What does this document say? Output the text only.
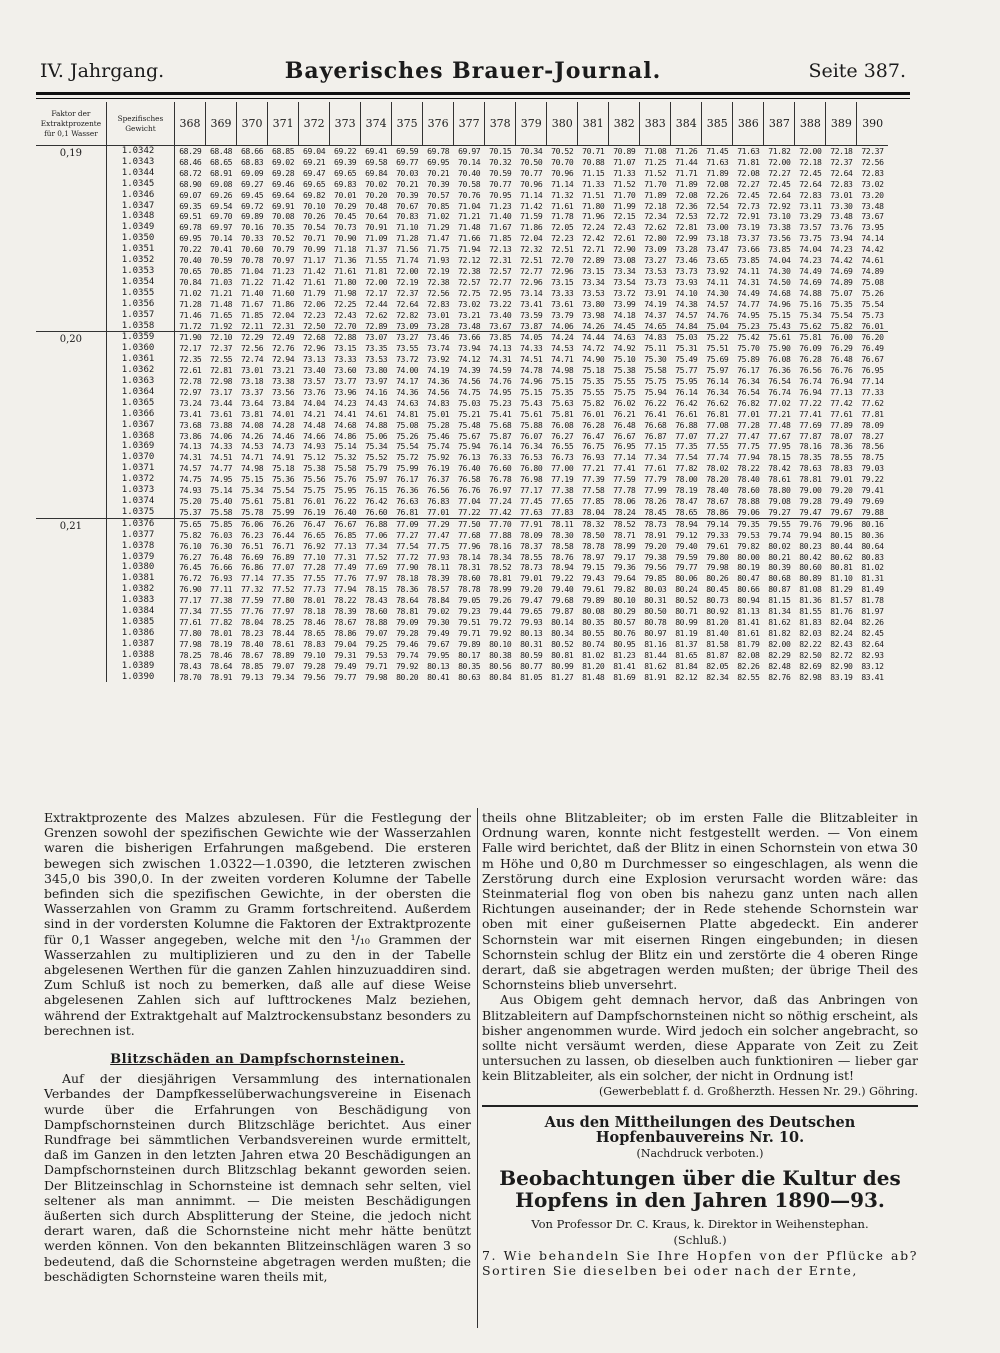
IV. Jahrgang.	Bayerisches Brauer-Journal.	Seite 387.
Faktor der Extraktprozente für 0,1 Wasser	Spezifisches Gewicht	368	369	370	371	372	373	374	375	376	377	378	379	380	381	382	383	384	385	386	387	388	389	390
0,19	1.0342	68.29	68.48	68.66	68.85	69.04	69.22	69.41	69.59	69.78	69.97	70.15	70.34	70.52	70.71	70.89	71.08	71.26	71.45	71.63	71.82	72.00	72.18	72.37
	1.0343	68.46	68.65	68.83	69.02	69.21	69.39	69.58	69.77	69.95	70.14	70.32	70.50	70.70	70.88	71.07	71.25	71.44	71.63	71.81	72.00	72.18	72.37	72.56
	1.0344	68.72	68.91	69.09	69.28	69.47	69.65	69.84	70.03	70.21	70.40	70.59	70.77	70.96	71.15	71.33	71.52	71.71	71.89	72.08	72.27	72.45	72.64	72.83
	1.0345	68.90	69.08	69.27	69.46	69.65	69.83	70.02	70.21	70.39	70.58	70.77	70.96	71.14	71.33	71.52	71.70	71.89	72.08	72.27	72.45	72.64	72.83	73.02
	1.0346	69.07	69.26	69.45	69.64	69.82	70.01	70.20	70.39	70.57	70.76	70.95	71.14	71.32	71.51	71.70	71.89	72.08	72.26	72.45	72.64	72.83	73.01	73.20
	1.0347	69.35	69.54	69.72	69.91	70.10	70.29	70.48	70.67	70.85	71.04	71.23	71.42	71.61	71.80	71.99	72.18	72.36	72.54	72.73	72.92	73.11	73.30	73.48
	1.0348	69.51	69.70	69.89	70.08	70.26	70.45	70.64	70.83	71.02	71.21	71.40	71.59	71.78	71.96	72.15	72.34	72.53	72.72	72.91	73.10	73.29	73.48	73.67
	1.0349	69.78	69.97	70.16	70.35	70.54	70.73	70.91	71.10	71.29	71.48	71.67	71.86	72.05	72.24	72.43	72.62	72.81	73.00	73.19	73.38	73.57	73.76	73.95
	1.0350	69.95	70.14	70.33	70.52	70.71	70.90	71.09	71.28	71.47	71.66	71.85	72.04	72.23	72.42	72.61	72.80	72.99	73.18	73.37	73.56	73.75	73.94	74.14
	1.0351	70.22	70.41	70.60	70.79	70.99	71.18	71.37	71.56	71.75	71.94	72.13	72.32	72.51	72.71	72.90	73.09	73.28	73.47	73.66	73.85	74.04	74.23	74.42
	1.0352	70.40	70.59	70.78	70.97	71.17	71.36	71.55	71.74	71.93	72.12	72.31	72.51	72.70	72.89	73.08	73.27	73.46	73.65	73.85	74.04	74.23	74.42	74.61
	1.0353	70.65	70.85	71.04	71.23	71.42	71.61	71.81	72.00	72.19	72.38	72.57	72.77	72.96	73.15	73.34	73.53	73.73	73.92	74.11	74.30	74.49	74.69	74.89
	1.0354	70.84	71.03	71.22	71.42	71.61	71.80	72.00	72.19	72.38	72.57	72.77	72.96	73.15	73.34	73.54	73.73	73.93	74.11	74.31	74.50	74.69	74.89	75.08
	1.0355	71.02	71.21	71.40	71.60	71.79	71.98	72.17	72.37	72.56	72.75	72.95	73.14	73.33	73.53	73.72	73.91	74.10	74.30	74.49	74.68	74.88	75.07	75.26
	1.0356	71.28	71.48	71.67	71.86	72.06	72.25	72.44	72.64	72.83	73.02	73.22	73.41	73.61	73.80	73.99	74.19	74.38	74.57	74.77	74.96	75.16	75.35	75.54
	1.0357	71.46	71.65	71.85	72.04	72.23	72.43	72.62	72.82	73.01	73.21	73.40	73.59	73.79	73.98	74.18	74.37	74.57	74.76	74.95	75.15	75.34	75.54	75.73
	1.0358	71.72	71.92	72.11	72.31	72.50	72.70	72.89	73.09	73.28	73.48	73.67	73.87	74.06	74.26	74.45	74.65	74.84	75.04	75.23	75.43	75.62	75.82	76.01
0,20	1.0359	71.90	72.10	72.29	72.49	72.68	72.88	73.07	73.27	73.46	73.66	73.85	74.05	74.24	74.44	74.63	74.83	75.03	75.22	75.42	75.61	75.81	76.00	76.20
	1.0360	72.17	72.37	72.56	72.76	72.96	73.15	73.35	73.55	73.74	73.94	74.13	74.33	74.53	74.72	74.92	75.11	75.31	75.51	75.70	75.90	76.09	76.29	76.49
	1.0361	72.35	72.55	72.74	72.94	73.13	73.33	73.53	73.72	73.92	74.12	74.31	74.51	74.71	74.90	75.10	75.30	75.49	75.69	75.89	76.08	76.28	76.48	76.67
	1.0362	72.61	72.81	73.01	73.21	73.40	73.60	73.80	74.00	74.19	74.39	74.59	74.78	74.98	75.18	75.38	75.58	75.77	75.97	76.17	76.36	76.56	76.76	76.95
	1.0363	72.78	72.98	73.18	73.38	73.57	73.77	73.97	74.17	74.36	74.56	74.76	74.96	75.15	75.35	75.55	75.75	75.95	76.14	76.34	76.54	76.74	76.94	77.14
	1.0364	72.97	73.17	73.37	73.56	73.76	73.96	74.16	74.36	74.56	74.75	74.95	75.15	75.35	75.55	75.75	75.94	76.14	76.34	76.54	76.74	76.94	77.13	77.33
	1.0365	73.24	73.44	73.64	73.84	74.04	74.23	74.43	74.63	74.83	75.03	75.23	75.43	75.63	75.82	76.02	76.22	76.42	76.62	76.82	77.02	77.22	77.42	77.62
	1.0366	73.41	73.61	73.81	74.01	74.21	74.41	74.61	74.81	75.01	75.21	75.41	75.61	75.81	76.01	76.21	76.41	76.61	76.81	77.01	77.21	77.41	77.61	77.81
	1.0367	73.68	73.88	74.08	74.28	74.48	74.68	74.88	75.08	75.28	75.48	75.68	75.88	76.08	76.28	76.48	76.68	76.88	77.08	77.28	77.48	77.69	77.89	78.09
	1.0368	73.86	74.06	74.26	74.46	74.66	74.86	75.06	75.26	75.46	75.67	75.87	76.07	76.27	76.47	76.67	76.87	77.07	77.27	77.47	77.67	77.87	78.07	78.27
	1.0369	74.13	74.33	74.53	74.73	74.93	75.14	75.34	75.54	75.74	75.94	76.14	76.34	76.55	76.75	76.95	77.15	77.35	77.55	77.75	77.95	78.16	78.36	78.56
	1.0370	74.31	74.51	74.71	74.91	75.12	75.32	75.52	75.72	75.92	76.13	76.33	76.53	76.73	76.93	77.14	77.34	77.54	77.74	77.94	78.15	78.35	78.55	78.75
	1.0371	74.57	74.77	74.98	75.18	75.38	75.58	75.79	75.99	76.19	76.40	76.60	76.80	77.00	77.21	77.41	77.61	77.82	78.02	78.22	78.42	78.63	78.83	79.03
	1.0372	74.75	74.95	75.15	75.36	75.56	75.76	75.97	76.17	76.37	76.58	76.78	76.98	77.19	77.39	77.59	77.79	78.00	78.20	78.40	78.61	78.81	79.01	79.22
	1.0373	74.93	75.14	75.34	75.54	75.75	75.95	76.15	76.36	76.56	76.76	76.97	77.17	77.38	77.58	77.78	77.99	78.19	78.40	78.60	78.80	79.00	79.20	79.41
	1.0374	75.20	75.40	75.61	75.81	76.01	76.22	76.42	76.63	76.83	77.04	77.24	77.45	77.65	77.85	78.06	78.26	78.47	78.67	78.88	79.08	79.28	79.49	79.69
	1.0375	75.37	75.58	75.78	75.99	76.19	76.40	76.60	76.81	77.01	77.22	77.42	77.63	77.83	78.04	78.24	78.45	78.65	78.86	79.06	79.27	79.47	79.67	79.88
0,21	1.0376	75.65	75.85	76.06	76.26	76.47	76.67	76.88	77.09	77.29	77.50	77.70	77.91	78.11	78.32	78.52	78.73	78.94	79.14	79.35	79.55	79.76	79.96	80.16
	1.0377	75.82	76.03	76.23	76.44	76.65	76.85	77.06	77.27	77.47	77.68	77.88	78.09	78.30	78.50	78.71	78.91	79.12	79.33	79.53	79.74	79.94	80.15	80.36
	1.0378	76.10	76.30	76.51	76.71	76.92	77.13	77.34	77.54	77.75	77.96	78.16	78.37	78.58	78.78	78.99	79.20	79.40	79.61	79.82	80.02	80.23	80.44	80.64
	1.0379	76.27	76.48	76.69	76.89	77.10	77.31	77.52	77.72	77.93	78.14	78.34	78.55	78.76	78.97	79.17	79.38	79.59	79.80	80.00	80.21	80.42	80.62	80.83
	1.0380	76.45	76.66	76.86	77.07	77.28	77.49	77.69	77.90	78.11	78.31	78.52	78.73	78.94	79.15	79.36	79.56	79.77	79.98	80.19	80.39	80.60	80.81	81.02
	1.0381	76.72	76.93	77.14	77.35	77.55	77.76	77.97	78.18	78.39	78.60	78.81	79.01	79.22	79.43	79.64	79.85	80.06	80.26	80.47	80.68	80.89	81.10	81.31
	1.0382	76.90	77.11	77.32	77.52	77.73	77.94	78.15	78.36	78.57	78.78	78.99	79.20	79.40	79.61	79.82	80.03	80.24	80.45	80.66	80.87	81.08	81.29	81.49
	1.0383	77.17	77.38	77.59	77.80	78.01	78.22	78.43	78.64	78.84	79.05	79.26	79.47	79.68	79.89	80.10	80.31	80.52	80.73	80.94	81.15	81.36	81.57	81.78
	1.0384	77.34	77.55	77.76	77.97	78.18	78.39	78.60	78.81	79.02	79.23	79.44	79.65	79.87	80.08	80.29	80.50	80.71	80.92	81.13	81.34	81.55	81.76	81.97
	1.0385	77.61	77.82	78.04	78.25	78.46	78.67	78.88	79.09	79.30	79.51	79.72	79.93	80.14	80.35	80.57	80.78	80.99	81.20	81.41	81.62	81.83	82.04	82.26
	1.0386	77.80	78.01	78.23	78.44	78.65	78.86	79.07	79.28	79.49	79.71	79.92	80.13	80.34	80.55	80.76	80.97	81.19	81.40	81.61	81.82	82.03	82.24	82.45
	1.0387	77.98	78.19	78.40	78.61	78.83	79.04	79.25	79.46	79.67	79.89	80.10	80.31	80.52	80.74	80.95	81.16	81.37	81.58	81.79	82.00	82.22	82.43	82.64
	1.0388	78.25	78.46	78.67	78.89	79.10	79.31	79.53	79.74	79.95	80.17	80.38	80.59	80.81	81.02	81.23	81.44	81.65	81.87	82.08	82.29	82.50	82.72	82.93
	1.0389	78.43	78.64	78.85	79.07	79.28	79.49	79.71	79.92	80.13	80.35	80.56	80.77	80.99	81.20	81.41	81.62	81.84	82.05	82.26	82.48	82.69	82.90	83.12
	1.0390	78.70	78.91	79.13	79.34	79.56	79.77	79.98	80.20	80.41	80.63	80.84	81.05	81.27	81.48	81.69	81.91	82.12	82.34	82.55	82.76	82.98	83.19	83.41

Extraktprozente des Malzes abzulesen. Für die Festlegung der Grenzen sowohl der spezifischen Gewichte wie der Wasserzahlen waren die bisherigen Erfahrungen maßgebend. Die ersteren bewegen sich zwischen 1.0322—1.0390, die letzteren zwischen 345,0 bis 390,0. In der zweiten vorderen Kolumne der Tabelle befinden sich die spezifischen Gewichte, in der obersten die Wasserzahlen von Gramm zu Gramm fortschreitend. Außerdem sind in der vordersten Kolumne die Faktoren der Extraktprozente für 0,1 Wasser angegeben, welche mit den ¹/₁₀ Grammen der Wasserzahlen zu multiplizieren und zu den in der Tabelle abgelesenen Werthen für die ganzen Zahlen hinzuzuaddiren sind. Zum Schluß ist noch zu bemerken, daß alle auf diese Weise abgelesenen Zahlen sich auf lufttrockenes Malz beziehen, während der Extraktgehalt auf Malztrockensubstanz besonders zu berechnen ist.

Blitzschäden an Dampfschornsteinen.

Auf der diesjährigen Versammlung des internationalen Verbandes der Dampfkesselüberwachungsvereine in Eisenach wurde über die Erfahrungen von Beschädigung von Dampfschornsteinen durch Blitzschläge berichtet. Aus einer Rundfrage bei sämmtlichen Verbandsvereinen wurde ermittelt, daß im Ganzen in den letzten Jahren etwa 20 Beschädigungen an Dampfschornsteinen durch Blitzschlag bekannt geworden seien. Der Blitzeinschlag in Schornsteine ist demnach sehr selten, viel seltener als man annimmt. — Die meisten Beschädigungen äußerten sich durch Absplitterung der Steine, die jedoch nicht derart waren, daß die Schornsteine nicht mehr hätte benützt werden können. Von den bekannten Blitzeinschlägen waren 3 so bedeutend, daß die Schornsteine abgetragen werden mußten; die beschädigten Schornsteine waren theils mit,

theils ohne Blitzableiter; ob im ersten Falle die Blitzableiter in Ordnung waren, konnte nicht festgestellt werden. — Von einem Falle wird berichtet, daß der Blitz in einen Schornstein von etwa 30 m Höhe und 0,80 m Durchmesser so eingeschlagen, als wenn die Zerstörung durch eine Explosion verursacht worden wäre: das Steinmaterial flog von oben bis nahezu ganz unten nach allen Richtungen auseinander; der in Rede stehende Schornstein war oben mit einer gußeisernen Platte abgedeckt. Ein anderer Schornstein war mit eisernen Ringen eingebunden; in diesen Schornstein schlug der Blitz ein und zerstörte die 4 oberen Ringe derart, daß sie abgetragen werden mußten; der übrige Theil des Schornsteins blieb unversehrt.

Aus Obigem geht demnach hervor, daß das Anbringen von Blitzableitern auf Dampfschornsteinen nicht so nöthig erscheint, als bisher angenommen wurde. Wird jedoch ein solcher angebracht, so sollte nicht versäumt werden, diese Apparate von Zeit zu Zeit untersuchen zu lassen, ob dieselben auch funktioniren — lieber gar kein Blitzableiter, als ein solcher, der nicht in Ordnung ist!

(Gewerbeblatt f. d. Großherzth. Hessen Nr. 29.) Göhring.
Aus den Mittheilungen des Deutschen Hopfenbauvereins Nr. 10.
(Nachdruck verboten.)
Beobachtungen über die Kultur des Hopfens in den Jahren 1890—93.

Von Professor Dr. C. Kraus, k. Direktor in Weihenstephan.

(Schluß.)

7. Wie behandeln Sie Ihre Hopfen von der Pflücke ab? Sortiren Sie dieselben bei oder nach der Ernte,
